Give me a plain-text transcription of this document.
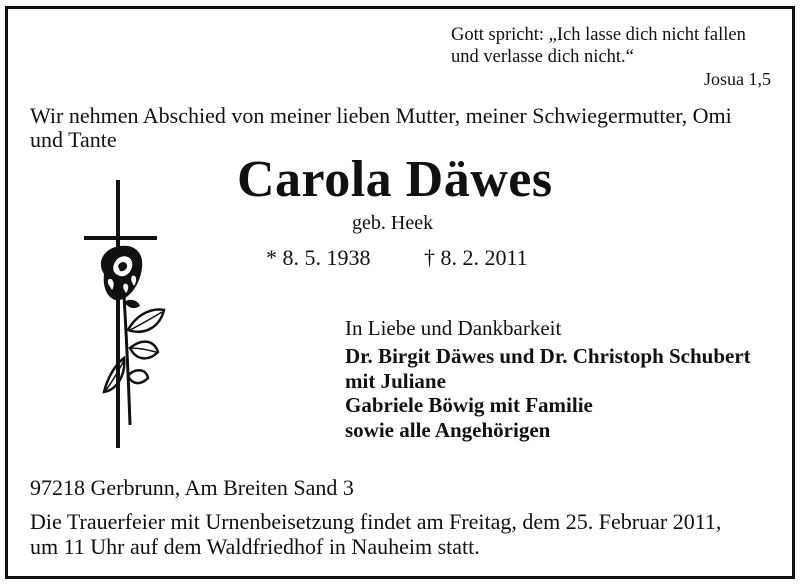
Gott spricht: „Ich lasse dich nicht fallen
und verlasse dich nicht.“
Josua 1,5
Wir nehmen Abschied von meiner lieben Mutter, meiner Schwiegermutter, Omi
und Tante
Carola Däwes
geb. Heek
* 8. 5. 1938 † 8. 2. 2011
In Liebe und Dankbarkeit
Dr. Birgit Däwes und Dr. Christoph Schubert
mit Juliane
Gabriele Böwig mit Familie
sowie alle Angehörigen
97218 Gerbrunn, Am Breiten Sand 3
Die Trauerfeier mit Urnenbeisetzung findet am Freitag, dem 25. Februar 2011,
um 11 Uhr auf dem Waldfriedhof in Nauheim statt.
